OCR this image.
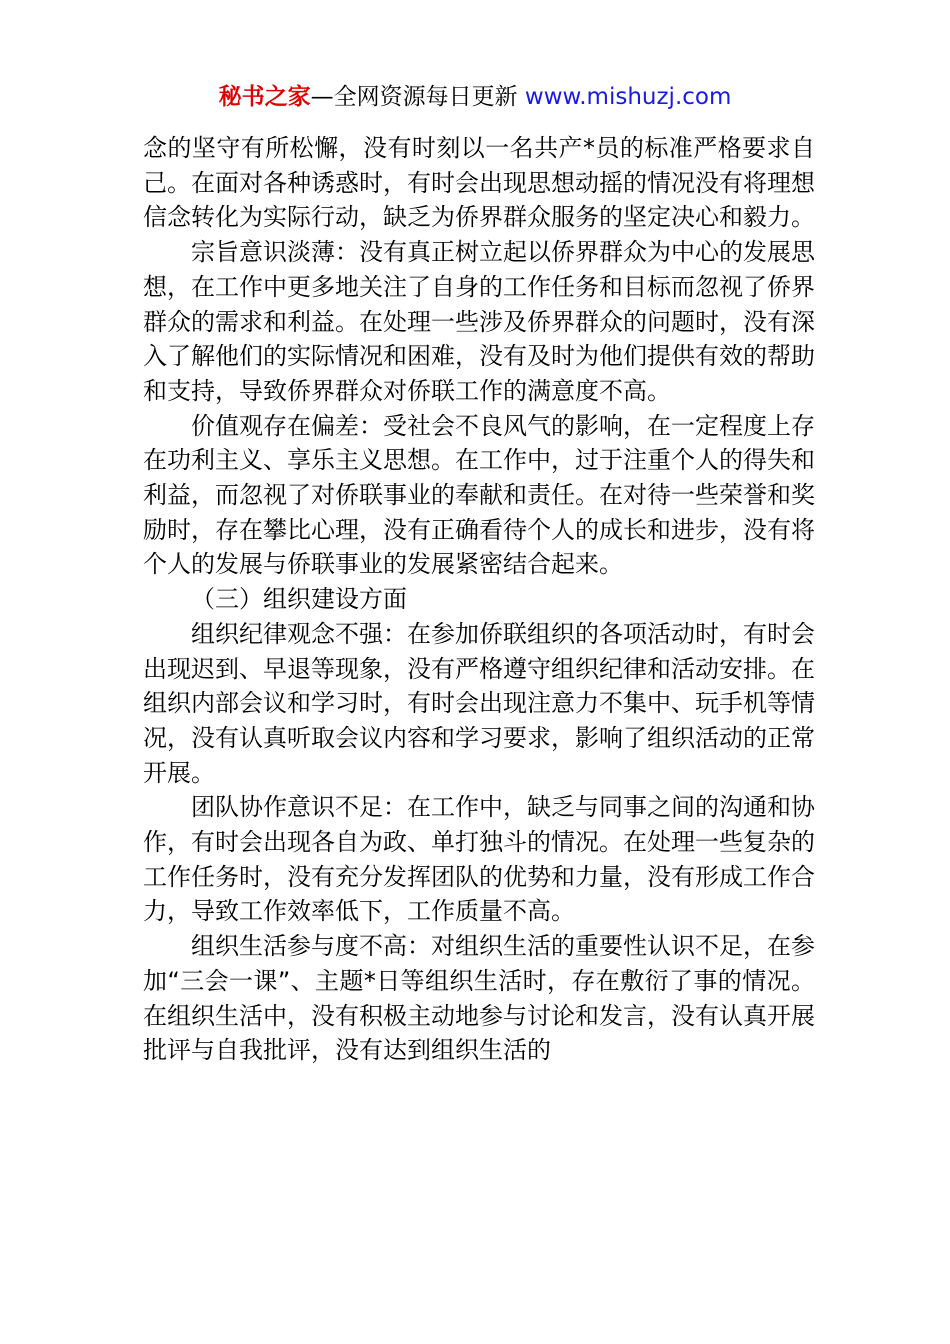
秘书之家—全网资源每日更新 www.mishuzj.com

念的坚守有所松懈，没有时刻以一名共产*员的标准严格要求自己。在面对各种诱惑时，有时会出现思想动摇的情况没有将理想信念转化为实际行动，缺乏为侨界群众服务的坚定决心和毅力。

宗旨意识淡薄：没有真正树立起以侨界群众为中心的发展思想，在工作中更多地关注了自身的工作任务和目标而忽视了侨界群众的需求和利益。在处理一些涉及侨界群众的问题时，没有深入了解他们的实际情况和困难，没有及时为他们提供有效的帮助和支持，导致侨界群众对侨联工作的满意度不高。

价值观存在偏差：受社会不良风气的影响，在一定程度上存在功利主义、享乐主义思想。在工作中，过于注重个人的得失和利益，而忽视了对侨联事业的奉献和责任。在对待一些荣誉和奖励时，存在攀比心理，没有正确看待个人的成长和进步，没有将个人的发展与侨联事业的发展紧密结合起来。

（三）组织建设方面

组织纪律观念不强：在参加侨联组织的各项活动时，有时会出现迟到、早退等现象，没有严格遵守组织纪律和活动安排。在组织内部会议和学习时，有时会出现注意力不集中、玩手机等情况，没有认真听取会议内容和学习要求，影响了组织活动的正常开展。

团队协作意识不足：在工作中，缺乏与同事之间的沟通和协作，有时会出现各自为政、单打独斗的情况。在处理一些复杂的工作任务时，没有充分发挥团队的优势和力量，没有形成工作合力，导致工作效率低下，工作质量不高。

组织生活参与度不高：对组织生活的重要性认识不足，在参加“三会一课”、主题*日等组织生活时，存在敷衍了事的情况。在组织生活中，没有积极主动地参与讨论和发言，没有认真开展批评与自我批评，没有达到组织生活的
